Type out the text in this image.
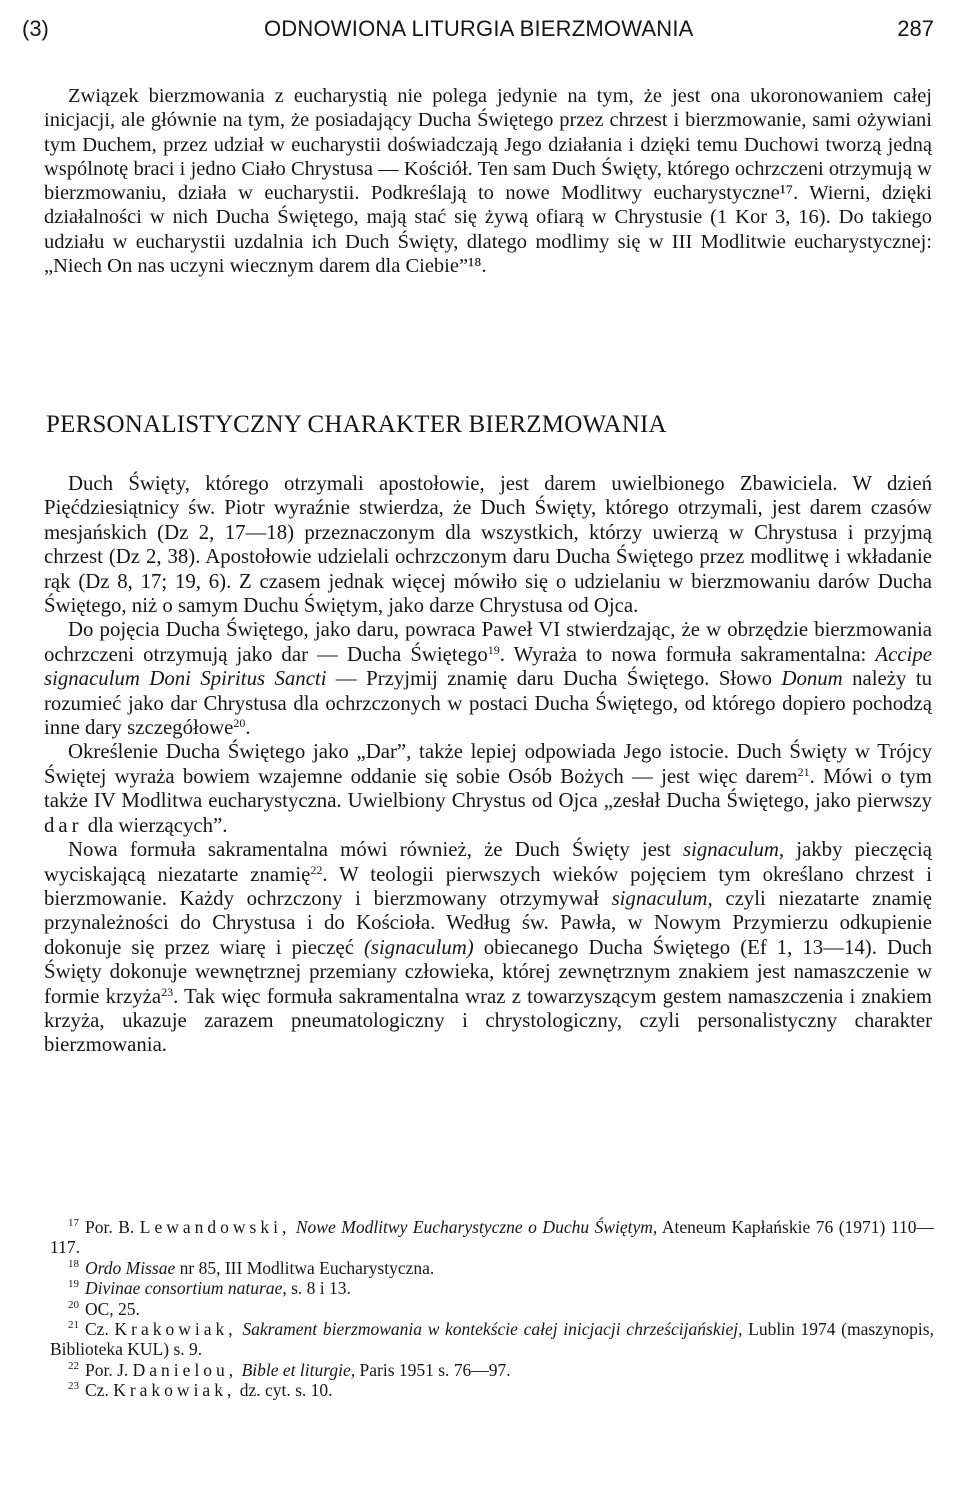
(3)	ODNOWIONA LITURGIA BIERZMOWANIA	287
Związek bierzmowania z eucharystią nie polega jedynie na tym, że jest ona ukoronowaniem całej inicjacji, ale głównie na tym, że posiadający Ducha Świętego przez chrzest i bierzmowanie, sami ożywiani tym Duchem, przez udział w eucharystii doświadczają Jego działania i dzięki temu Duchowi tworzą jedną wspólnotę braci i jedno Ciało Chrystusa — Kościół. Ten sam Duch Święty, którego ochrzczeni otrzymują w bierzmowaniu, działa w eucharystii. Podkreślają to nowe Modlitwy eucharystyczne¹⁷. Wierni, dzięki działalności w nich Ducha Świętego, mają stać się żywą ofiarą w Chrystusie (1 Kor 3, 16). Do takiego udziału w eucharystii uzdalnia ich Duch Święty, dlatego modlimy się w III Modlitwie eucharystycznej: „Niech On nas uczyni wiecznym darem dla Ciebie”¹⁸.
PERSONALISTYCZNY CHARAKTER BIERZMOWANIA

Duch Święty, którego otrzymali apostołowie, jest darem uwielbionego Zbawiciela. W dzień Pięćdziesiątnicy św. Piotr wyraźnie stwierdza, że Duch Święty, którego otrzymali, jest darem czasów mesjańskich (Dz 2, 17—18) przeznaczonym dla wszystkich, którzy uwierzą w Chrystusa i przyjmą chrzest (Dz 2, 38). Apostołowie udzielali ochrzczonym daru Ducha Świętego przez modlitwę i wkładanie rąk (Dz 8, 17; 19, 6). Z czasem jednak więcej mówiło się o udzielaniu w bierzmowaniu darów Ducha Świętego, niż o samym Duchu Świętym, jako darze Chrystusa od Ojca.

Do pojęcia Ducha Świętego, jako daru, powraca Paweł VI stwierdzając, że w obrzędzie bierzmowania ochrzczeni otrzymują jako dar — Ducha Świętego$^{19}$. Wyraża to nowa formuła sakramentalna: Accipe signaculum Doni Spiritus Sancti — Przyjmij znamię daru Ducha Świętego. Słowo Donum należy tu rozumieć jako dar Chrystusa dla ochrzczonych w postaci Ducha Świętego, od którego dopiero pochodzą inne dary szczegółowe$^{20}$.

Określenie Ducha Świętego jako „Dar”, także lepiej odpowiada Jego istocie. Duch Święty w Trójcy Świętej wyraża bowiem wzajemne oddanie się sobie Osób Bożych — jest więc darem$^{21}$. Mówi o tym także IV Modlitwa eucharystyczna. Uwielbiony Chrystus od Ojca „zesłał Ducha Świętego, jako pierwszy dar dla wierzących”.

Nowa formuła sakramentalna mówi również, że Duch Święty jest signaculum, jakby pieczęcią wyciskającą niezatarte znamię$^{22}$. W teologii pierwszych wieków pojęciem tym określano chrzest i bierzmowanie. Każdy ochrzczony i bierzmowany otrzymywał signaculum, czyli niezatarte znamię przynależności do Chrystusa i do Kościoła. Według św. Pawła, w Nowym Przymierzu odkupienie dokonuje się przez wiarę i pieczęć (signaculum) obiecanego Ducha Świętego (Ef 1, 13—14). Duch Święty dokonuje wewnętrznej przemiany człowieka, której zewnętrznym znakiem jest namaszczenie w formie krzyża$^{23}$. Tak więc formuła sakramentalna wraz z towarzyszącym gestem namaszczenia i znakiem krzyża, ukazuje zarazem pneumatologiczny i chrystologiczny, czyli personalistyczny charakter bierzmowania.

$^{17}$ Por. B. Lewandowski, Nowe Modlitwy Eucharystyczne o Duchu Świętym, Ateneum Kapłańskie 76 (1971) 110—117.

$^{18}$ Ordo Missae nr 85, III Modlitwa Eucharystyczna.

$^{19}$ Divinae consortium naturae, s. 8 i 13.

$^{20}$ OC, 25.

$^{21}$ Cz. Krakowiak, Sakrament bierzmowania w kontekście całej inicjacji chrześcijańskiej, Lublin 1974 (maszynopis, Biblioteka KUL) s. 9.

$^{22}$ Por. J. Danielou, Bible et liturgie, Paris 1951 s. 76—97.

$^{23}$ Cz. Krakowiak, dz. cyt. s. 10.
